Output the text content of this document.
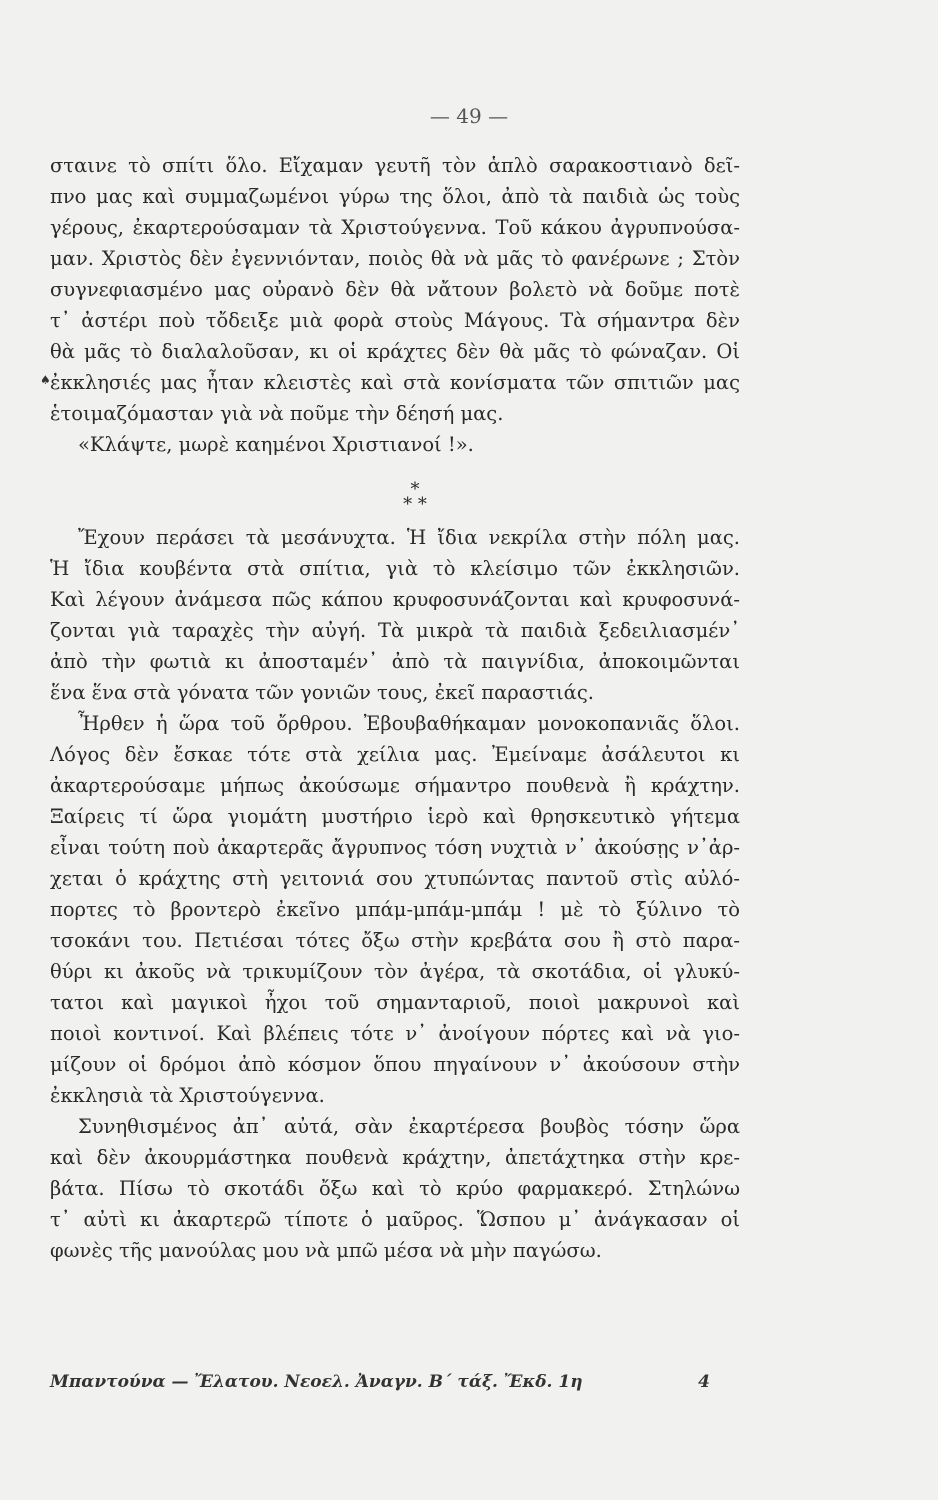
— 49 —
♠
σταινε τὸ σπίτι ὅλο. Εἴχαμαν γευτῆ τὸν ἁπλὸ σαρακοστιανὸ δεῖ-
πνο μας καὶ συμμαζωμένοι γύρω της ὅλοι, ἀπὸ τὰ παιδιὰ ὡς τοὺς
γέρους, ἐκαρτερούσαμαν τὰ Χριστούγεννα. Τοῦ κάκου ἀγρυπνούσα-
μαν. Χριστὸς δὲν ἐγεννιόνταν, ποιὸς θὰ νὰ μᾶς τὸ φανέρωνε ; Στὸν
συγνεφιασμένο μας οὐρανὸ δὲν θὰ νἄτουν βολετὸ νὰ δοῦμε ποτὲ
τ᾿ ἀστέρι ποὺ τὄδειξε μιὰ φορὰ στοὺς Μάγους. Τὰ σήμαντρα δὲν
θὰ μᾶς τὸ διαλαλοῦσαν, κι οἱ κράχτες δὲν θὰ μᾶς τὸ φώναζαν. Οἱ
ἐκκλησιές μας ἦταν κλειστὲς καὶ στὰ κονίσματα τῶν σπιτιῶν μας
ἑτοιμαζόμασταν γιὰ νὰ ποῦμε τὴν δέησή μας.
«Κλάψτε, μωρὲ καημένοι Χριστιανοί !».
*
* *
Ἔχουν περάσει τὰ μεσάνυχτα. Ἡ ἴδια νεκρίλα στὴν πόλη μας.
Ἡ ἴδια κουβέντα στὰ σπίτια, γιὰ τὸ κλείσιμο τῶν ἐκκλησιῶν.
Καὶ λέγουν ἀνάμεσα πῶς κάπου κρυφοσυνάζονται καὶ κρυφοσυνά-
ζονται γιὰ ταραχὲς τὴν αὐγή. Τὰ μικρὰ τὰ παιδιὰ ξεδειλιασμέν᾿
ἀπὸ τὴν φωτιὰ κι ἀποσταμέν᾿ ἀπὸ τὰ παιγνίδια, ἀποκοιμῶνται
ἕνα ἕνα στὰ γόνατα τῶν γονιῶν τους, ἐκεῖ παραστιάς.
Ἦρθεν ἡ ὥρα τοῦ ὄρθρου. Ἐβουβαθήκαμαν μονοκοπανιᾶς ὅλοι.
Λόγος δὲν ἔσκαε τότε στὰ χείλια μας. Ἐμείναμε ἀσάλευτοι κι
ἀκαρτερούσαμε μήπως ἀκούσωμε σήμαντρο πουθενὰ ἢ κράχτην.
Ξαίρεις τί ὥρα γιομάτη μυστήριο ἱερὸ καὶ θρησκευτικὸ γήτεμα
εἶναι τούτη ποὺ ἀκαρτερᾶς ἄγρυπνος τόση νυχτιὰ ν᾿ ἀκούσῃς ν᾿ἀρ-
χεται ὁ κράχτης στὴ γειτονιά σου χτυπώντας παντοῦ στὶς αὐλό-
πορτες τὸ βροντερὸ ἐκεῖνο μπάμ-μπάμ-μπάμ ! μὲ τὸ ξύλινο τὸ
τσοκάνι του. Πετιέσαι τότες ὄξω στὴν κρεβάτα σου ἢ στὸ παρα-
θύρι κι ἀκοῦς νὰ τρικυμίζουν τὸν ἀγέρα, τὰ σκοτάδια, οἱ γλυκύ-
τατοι καὶ μαγικοὶ ἦχοι τοῦ σημανταριοῦ, ποιοὶ μακρυνοὶ καὶ
ποιοὶ κοντινοί. Καὶ βλέπεις τότε ν᾿ ἀνοίγουν πόρτες καὶ νὰ γιο-
μίζουν οἱ δρόμοι ἀπὸ κόσμον ὅπου πηγαίνουν ν᾿ ἀκούσουν στὴν
ἐκκλησιὰ τὰ Χριστούγεννα.
Συνηθισμένος ἀπ᾿ αὐτά, σὰν ἐκαρτέρεσα βουβὸς τόσην ὥρα
καὶ δὲν ἀκουρμάστηκα πουθενὰ κράχτην, ἀπετάχτηκα στὴν κρε-
βάτα. Πίσω τὸ σκοτάδι ὄξω καὶ τὸ κρύο φαρμακερό. Στηλώνω
τ᾿ αὐτὶ κι ἀκαρτερῶ τίποτε ὁ μαῦρος. Ὥσπου μ᾿ ἀνάγκασαν οἱ
φωνὲς τῆς μανούλας μου νὰ μπῶ μέσα νὰ μὴν παγώσω.
Μπαντούνα — Ἔλατου. Νεοελ. Ἀναγν. Β΄ τάξ. Ἔκδ. 1η	4
